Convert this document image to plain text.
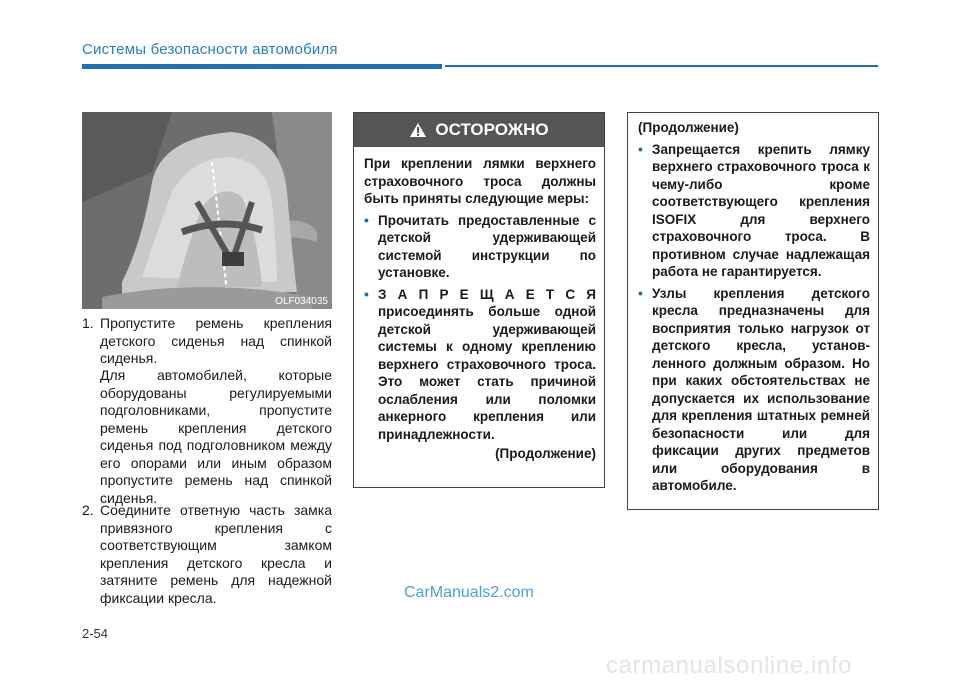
Системы безопасности автомобиля
OLF034035
1. Пропустите ремень крепления детского сиденья над спинкой сиденья.
Для автомобилей, которые оборудованы регулируемыми подголовниками, пропустите ремень крепления детского сиденья под подголовником между его опорами или иным образом пропустите ремень над спинкой сиденья.
2. Соедините ответную часть замка привязного крепления с соответствующим замком крепления детского кресла и затяните ремень для надежной фиксации кресла.
ОСТОРОЖНО
При креплении лямки верхнего страховочного троса должны быть приняты следующие меры:
• Прочитать предоставленные с детской удерживающей системой инструкции по установке.
• З А П Р Е Щ А Е Т С Я присоединять больше одной детской удерживающей системы к одному креплению верхнего страховочного троса. Это может стать причиной ослабления или поломки анкерного крепления или принадлежности.
(Продолжение)
(Продолжение)
• Запрещается крепить лямку верхнего страховочного троса к чему-либо кроме соответствующего крепления ISOFIX для верхнего страховочного троса. В противном случае надлежащая работа не гарантируется.
• Узлы крепления детского кресла предназначены для восприятия только нагрузок от детского кресла, установ-ленного должным образом. Но при каких обстоятельствах не допускается их использование для крепления штатных ремней безопасности или для фиксации других предметов или оборудования в автомобиле.
CarManuals2.com
2-54
carmanualsonline.info
